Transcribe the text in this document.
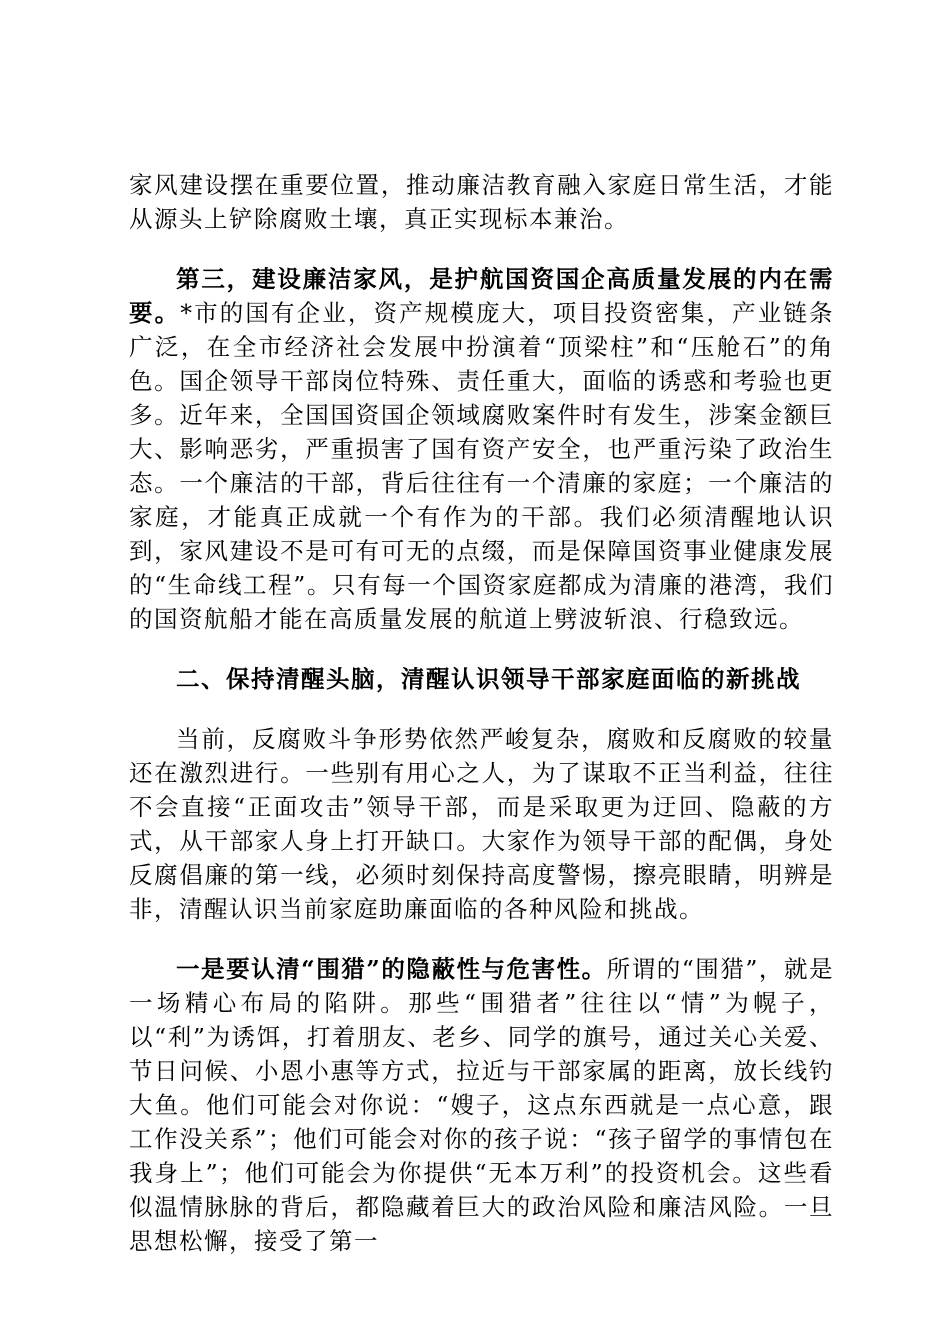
家风建设摆在重要位置，推动廉洁教育融入家庭日常生活，才能从源头上铲除腐败土壤，真正实现标本兼治。

第三，建设廉洁家风，是护航国资国企高质量发展的内在需要。*市的国有企业，资产规模庞大，项目投资密集，产业链条广泛，在全市经济社会发展中扮演着“顶梁柱”和“压舱石”的角色。国企领导干部岗位特殊、责任重大，面临的诱惑和考验也更多。近年来，全国国资国企领域腐败案件时有发生，涉案金额巨大、影响恶劣，严重损害了国有资产安全，也严重污染了政治生态。一个廉洁的干部，背后往往有一个清廉的家庭；一个廉洁的家庭，才能真正成就一个有作为的干部。我们必须清醒地认识到，家风建设不是可有可无的点缀，而是保障国资事业健康发展的“生命线工程”。只有每一个国资家庭都成为清廉的港湾，我们的国资航船才能在高质量发展的航道上劈波斩浪、行稳致远。

二、保持清醒头脑，清醒认识领导干部家庭面临的新挑战

当前，反腐败斗争形势依然严峻复杂，腐败和反腐败的较量还在激烈进行。一些别有用心之人，为了谋取不正当利益，往往不会直接“正面攻击”领导干部，而是采取更为迂回、隐蔽的方式，从干部家人身上打开缺口。大家作为领导干部的配偶，身处反腐倡廉的第一线，必须时刻保持高度警惕，擦亮眼睛，明辨是非，清醒认识当前家庭助廉面临的各种风险和挑战。

一是要认清“围猎”的隐蔽性与危害性。所谓的“围猎”，就是一场精心布局的陷阱。那些“围猎者”往往以“情”为幌子，以“利”为诱饵，打着朋友、老乡、同学的旗号，通过关心关爱、节日问候、小恩小惠等方式，拉近与干部家属的距离，放长线钓大鱼。他们可能会对你说：“嫂子，这点东西就是一点心意，跟工作没关系”；他们可能会对你的孩子说：“孩子留学的事情包在我身上”；他们可能会为你提供“无本万利”的投资机会。这些看似温情脉脉的背后，都隐藏着巨大的政治风险和廉洁风险。一旦思想松懈，接受了第一
